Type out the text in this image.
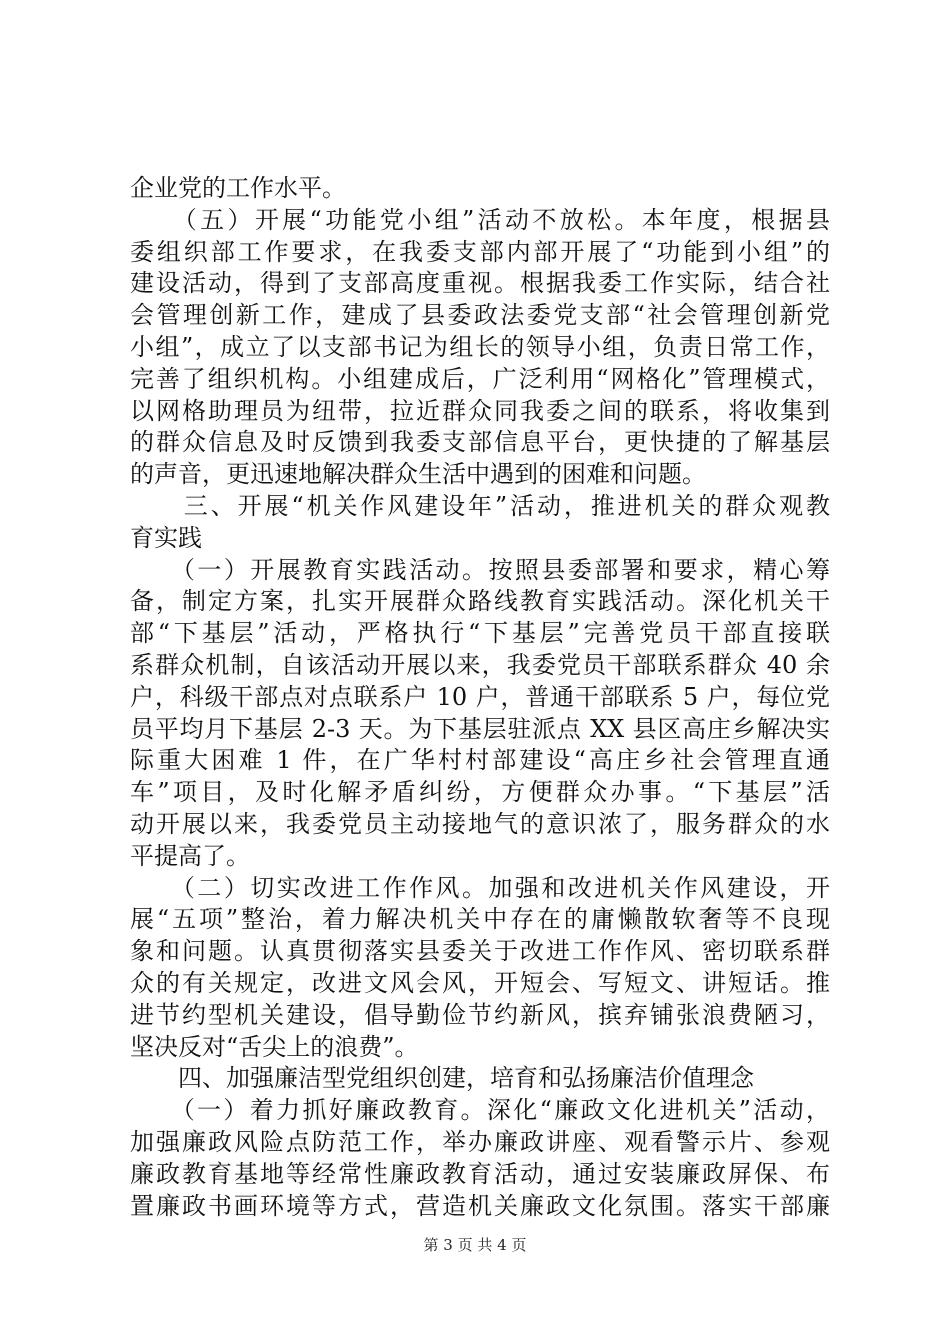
企业党的工作水平。
　　（五）开展“功能党小组”活动不放松。本年度，根据县
委组织部工作要求，在我委支部内部开展了“功能到小组”的
建设活动，得到了支部高度重视。根据我委工作实际，结合社
会管理创新工作，建成了县委政法委党支部“社会管理创新党
小组”，成立了以支部书记为组长的领导小组，负责日常工作，
完善了组织机构。小组建成后，广泛利用“网格化”管理模式，
以网格助理员为纽带，拉近群众同我委之间的联系，将收集到
的群众信息及时反馈到我委支部信息平台，更快捷的了解基层
的声音，更迅速地解决群众生活中遇到的困难和问题。
　　三、开展“机关作风建设年”活动，推进机关的群众观教
育实践
　　（一）开展教育实践活动。按照县委部署和要求，精心筹
备，制定方案，扎实开展群众路线教育实践活动。深化机关干
部“下基层”活动，严格执行“下基层”完善党员干部直接联
系群众机制，自该活动开展以来，我委党员干部联系群众 40 余
户，科级干部点对点联系户 10 户，普通干部联系 5 户，每位党
员平均月下基层 2-3 天。为下基层驻派点 XX 县区高庄乡解决实
际重大困难 1 件，在广华村村部建设“高庄乡社会管理直通
车”项目，及时化解矛盾纠纷，方便群众办事。“下基层”活
动开展以来，我委党员主动接地气的意识浓了，服务群众的水
平提高了。
　　（二）切实改进工作作风。加强和改进机关作风建设，开
展“五项”整治，着力解决机关中存在的庸懒散软奢等不良现
象和问题。认真贯彻落实县委关于改进工作作风、密切联系群
众的有关规定，改进文风会风，开短会、写短文、讲短话。推
进节约型机关建设，倡导勤俭节约新风，摈弃铺张浪费陋习，
坚决反对“舌尖上的浪费”。
　　四、加强廉洁型党组织创建，培育和弘扬廉洁价值理念
　　（一）着力抓好廉政教育。深化“廉政文化进机关”活动，
加强廉政风险点防范工作，举办廉政讲座、观看警示片、参观
廉政教育基地等经常性廉政教育活动，通过安装廉政屏保、布
置廉政书画环境等方式，营造机关廉政文化氛围。落实干部廉
第 3 页 共 4 页
